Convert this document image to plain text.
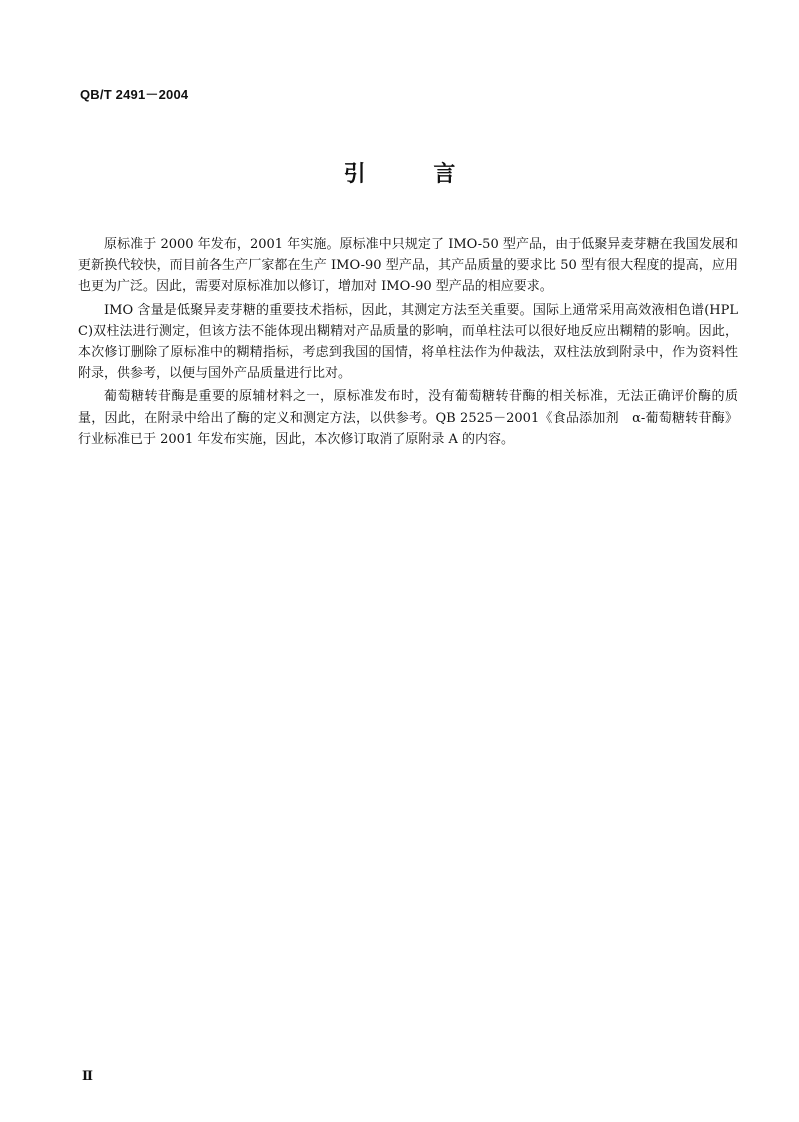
QB/T 2491－2004

引 言

原标准于 2000 年发布，2001 年实施。原标准中只规定了 IMO-50 型产品，由于低聚异麦芽糖在我国发展和更新换代较快，而目前各生产厂家都在生产 IMO-90 型产品，其产品质量的要求比 50 型有很大程度的提高，应用也更为广泛。因此，需要对原标准加以修订，增加对 IMO-90 型产品的相应要求。

IMO 含量是低聚异麦芽糖的重要技术指标，因此，其测定方法至关重要。国际上通常采用高效液相色谱(HPLC)双柱法进行测定，但该方法不能体现出糊精对产品质量的影响，而单柱法可以很好地反应出糊精的影响。因此，本次修订删除了原标准中的糊精指标，考虑到我国的国情，将单柱法作为仲裁法，双柱法放到附录中，作为资料性附录，供参考，以便与国外产品质量进行比对。

葡萄糖转苷酶是重要的原辅材料之一，原标准发布时，没有葡萄糖转苷酶的相关标准，无法正确评价酶的质量，因此，在附录中给出了酶的定义和测定方法，以供参考。QB 2525－2001《食品添加剂　α-葡萄糖转苷酶》行业标准已于 2001 年发布实施，因此，本次修订取消了原附录 A 的内容。

Ⅱ
